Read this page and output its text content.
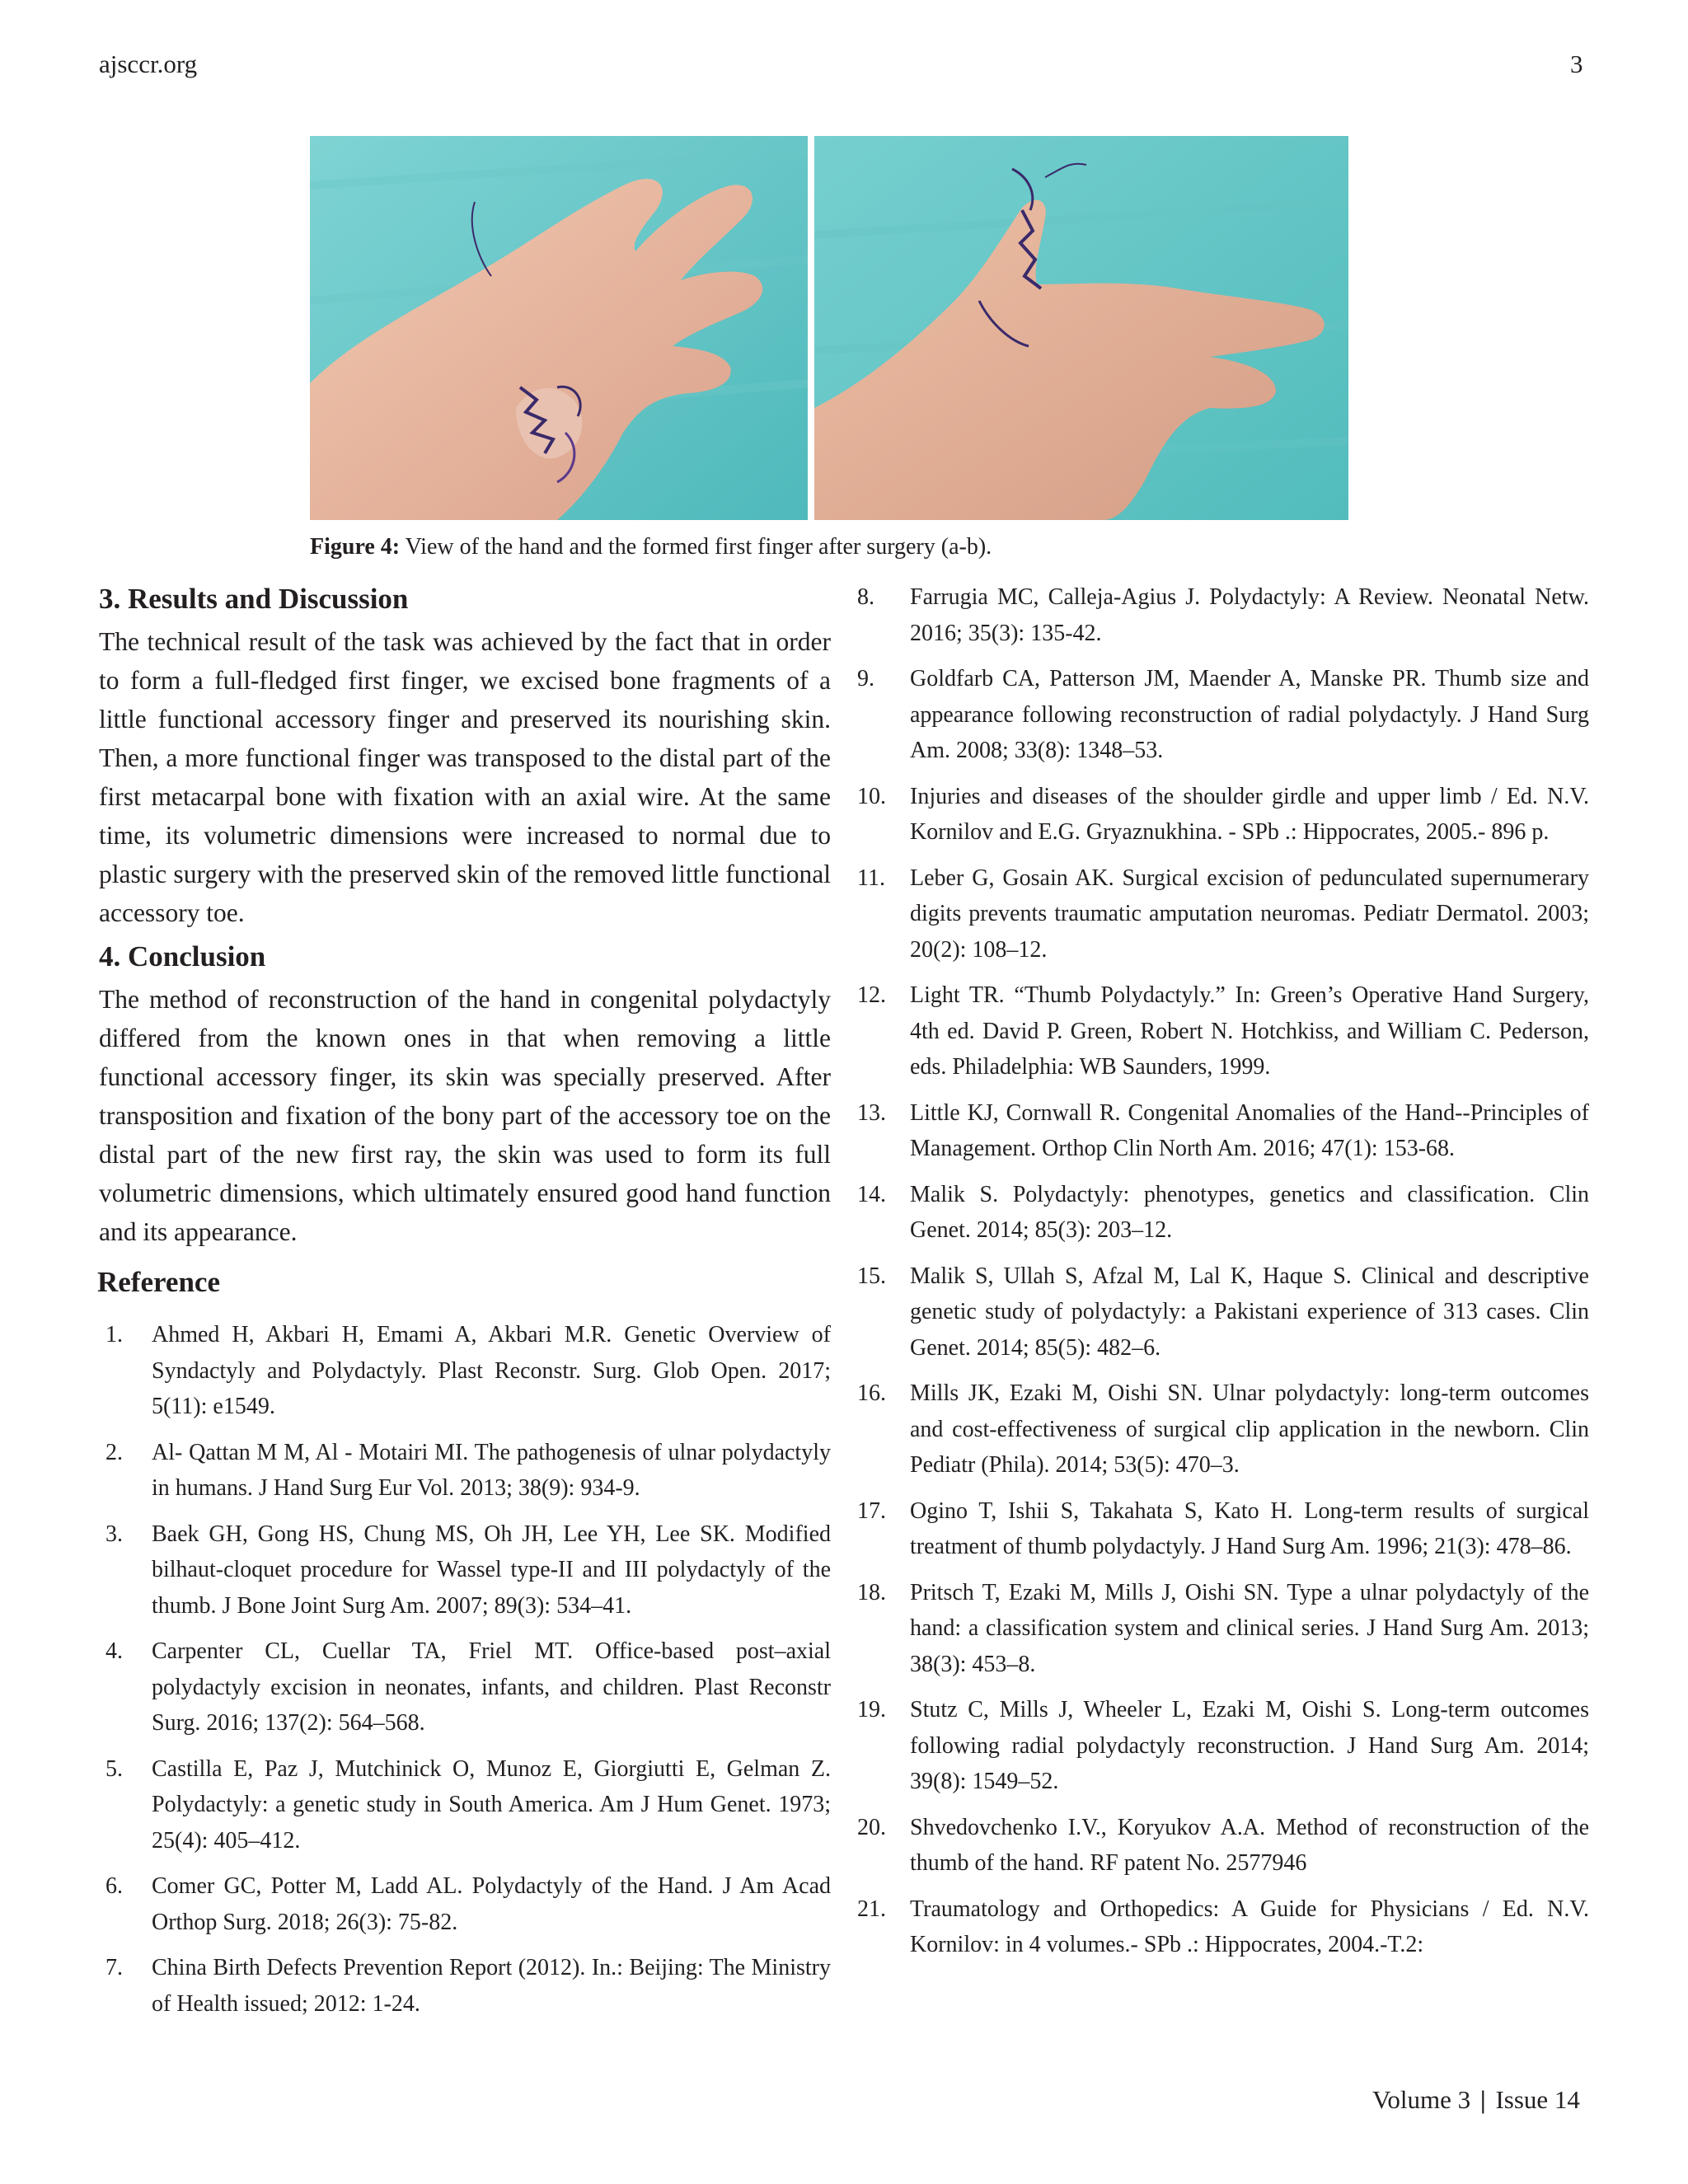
ajsccr.org	3
Figure 4: View of the hand and the formed first finger after surgery (a-b).
3. Results and Discussion

The technical result of the task was achieved by the fact that in order to form a full-fledged first finger, we excised bone fragments of a little functional accessory finger and preserved its nourishing skin. Then, a more functional finger was transposed to the distal part of the first metacarpal bone with fixation with an axial wire. At the same time, its volumetric dimensions were increased to normal due to plastic surgery with the preserved skin of the removed little functional accessory toe.

4. Conclusion

The method of reconstruction of the hand in congenital polydactyly differed from the known ones in that when removing a little functional accessory finger, its skin was specially preserved. After transposition and fixation of the bony part of the accessory toe on the distal part of the new first ray, the skin was used to form its full volumetric dimensions, which ultimately ensured good hand function and its appearance.

Reference
1. Ahmed H, Akbari H, Emami A, Akbari M.R. Genetic Overview of Syndactyly and Polydactyly. Plast Reconstr. Surg. Glob Open. 2017; 5(11): e1549.
2. Al- Qattan M M, Al - Motairi MI. The pathogenesis of ulnar polydactyly in humans. J Hand Surg Eur Vol. 2013; 38(9): 934-9.
3. Baek GH, Gong HS, Chung MS, Oh JH, Lee YH, Lee SK. Modified bilhaut-cloquet procedure for Wassel type-II and III polydactyly of the thumb. J Bone Joint Surg Am. 2007; 89(3): 534–41.
4. Carpenter CL, Cuellar TA, Friel MT. Office-based post–axial polydactyly excision in neonates, infants, and children. Plast Reconstr Surg. 2016; 137(2): 564–568.
5. Castilla E, Paz J, Mutchinick O, Munoz E, Giorgiutti E, Gelman Z. Polydactyly: a genetic study in South America. Am J Hum Genet. 1973; 25(4): 405–412.
6. Comer GC, Potter M, Ladd AL. Polydactyly of the Hand. J Am Acad Orthop Surg. 2018; 26(3): 75-82.
7. China Birth Defects Prevention Report (2012). In.: Beijing: The Ministry of Health issued; 2012: 1-24.
8. Farrugia MC, Calleja-Agius J. Polydactyly: A Review. Neonatal Netw. 2016; 35(3): 135-42.
9. Goldfarb CA, Patterson JM, Maender A, Manske PR. Thumb size and appearance following reconstruction of radial polydactyly. J Hand Surg Am. 2008; 33(8): 1348–53.
10. Injuries and diseases of the shoulder girdle and upper limb / Ed. N.V. Kornilov and E.G. Gryaznukhina. - SPb .: Hippocrates, 2005.- 896 p.
11. Leber G, Gosain AK. Surgical excision of pedunculated supernumerary digits prevents traumatic amputation neuromas. Pediatr Dermatol. 2003; 20(2): 108–12.
12. Light TR. “Thumb Polydactyly.” In: Green’s Operative Hand Surgery, 4th ed. David P. Green, Robert N. Hotchkiss, and William C. Pederson, eds. Philadelphia: WB Saunders, 1999.
13. Little KJ, Cornwall R. Congenital Anomalies of the Hand--Principles of Management. Orthop Clin North Am. 2016; 47(1): 153-68.
14. Malik S. Polydactyly: phenotypes, genetics and classification. Clin Genet. 2014; 85(3): 203–12.
15. Malik S, Ullah S, Afzal M, Lal K, Haque S. Clinical and descriptive genetic study of polydactyly: a Pakistani experience of 313 cases. Clin Genet. 2014; 85(5): 482–6.
16. Mills JK, Ezaki M, Oishi SN. Ulnar polydactyly: long-term outcomes and cost-effectiveness of surgical clip application in the newborn. Clin Pediatr (Phila). 2014; 53(5): 470–3.
17. Ogino T, Ishii S, Takahata S, Kato H. Long-term results of surgical treatment of thumb polydactyly. J Hand Surg Am. 1996; 21(3): 478–86.
18. Pritsch T, Ezaki M, Mills J, Oishi SN. Type a ulnar polydactyly of the hand: a classification system and clinical series. J Hand Surg Am. 2013; 38(3): 453–8.
19. Stutz C, Mills J, Wheeler L, Ezaki M, Oishi S. Long-term outcomes following radial polydactyly reconstruction. J Hand Surg Am. 2014; 39(8): 1549–52.
20. Shvedovchenko I.V., Koryukov A.A. Method of reconstruction of the thumb of the hand. RF patent No. 2577946
21. Traumatology and Orthopedics: A Guide for Physicians / Ed. N.V. Kornilov: in 4 volumes.- SPb .: Hippocrates, 2004.-T.2:
Volume 3 | Issue 14
